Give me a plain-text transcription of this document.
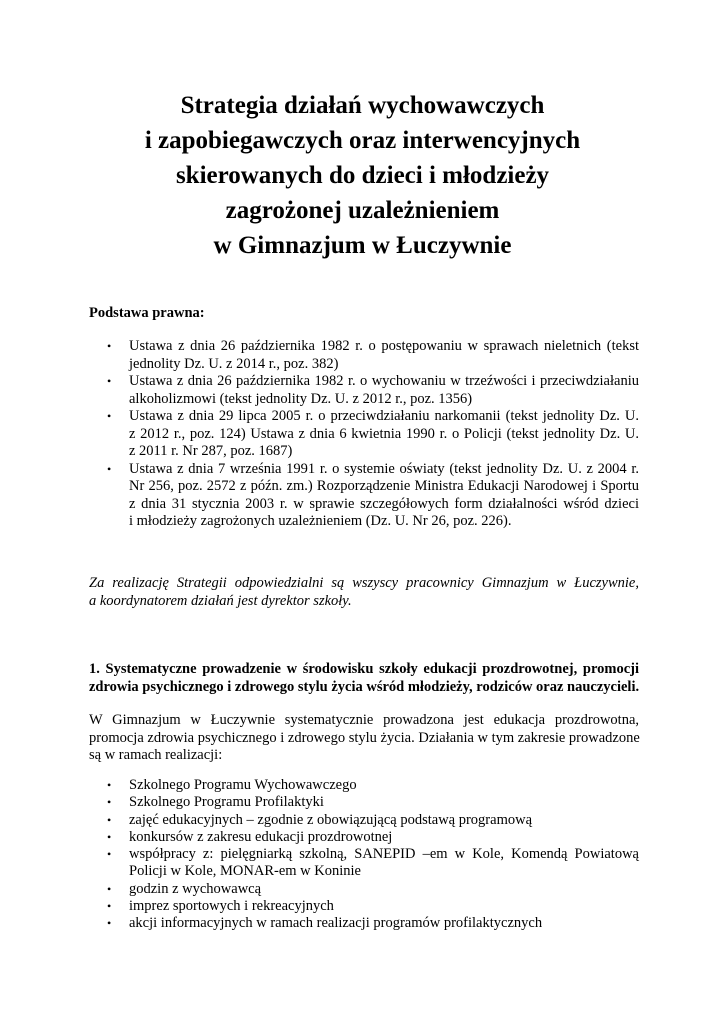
Strategia działań wychowawczych
i zapobiegawczych oraz interwencyjnych
skierowanych do dzieci i młodzieży
zagrożonej uzależnieniem
w Gimnazjum w Łuczywnie
Podstawa prawna:
• Ustawa z dnia 26 października 1982 r. o postępowaniu w sprawach nieletnich (tekst
jednolity Dz. U. z 2014 r., poz. 382)
• Ustawa z dnia 26 października 1982 r. o wychowaniu w trzeźwości i przeciwdziałaniu
alkoholizmowi (tekst jednolity Dz. U. z 2012 r., poz. 1356)
• Ustawa z dnia 29 lipca 2005 r. o przeciwdziałaniu narkomanii (tekst jednolity Dz. U.
z 2012 r., poz. 124) Ustawa z dnia 6 kwietnia 1990 r. o Policji (tekst jednolity Dz. U.
z 2011 r. Nr 287, poz. 1687)
• Ustawa z dnia 7 września 1991 r. o systemie oświaty (tekst jednolity Dz. U. z 2004 r.
Nr 256, poz. 2572 z późn. zm.) Rozporządzenie Ministra Edukacji Narodowej i Sportu
z dnia 31 stycznia 2003 r. w sprawie szczegółowych form działalności wśród dzieci
i młodzieży zagrożonych uzależnieniem (Dz. U. Nr 26, poz. 226).
Za realizację Strategii odpowiedzialni są wszyscy pracownicy Gimnazjum w Łuczywnie,
a koordynatorem działań jest dyrektor szkoły.
1. Systematyczne prowadzenie w środowisku szkoły edukacji prozdrowotnej, promocji
zdrowia psychicznego i zdrowego stylu życia wśród młodzieży, rodziców oraz nauczycieli.
W Gimnazjum w Łuczywnie systematycznie prowadzona jest edukacja prozdrowotna,
promocja zdrowia psychicznego i zdrowego stylu życia. Działania w tym zakresie prowadzone
są w ramach realizacji:
• Szkolnego Programu Wychowawczego
• Szkolnego Programu Profilaktyki
• zajęć edukacyjnych – zgodnie z obowiązującą podstawą programową
• konkursów z zakresu edukacji prozdrowotnej
• współpracy z: pielęgniarką szkolną, SANEPID –em w Kole, Komendą Powiatową
Policji w Kole, MONAR-em w Koninie
• godzin z wychowawcą
• imprez sportowych i rekreacyjnych
• akcji informacyjnych w ramach realizacji programów profilaktycznych
